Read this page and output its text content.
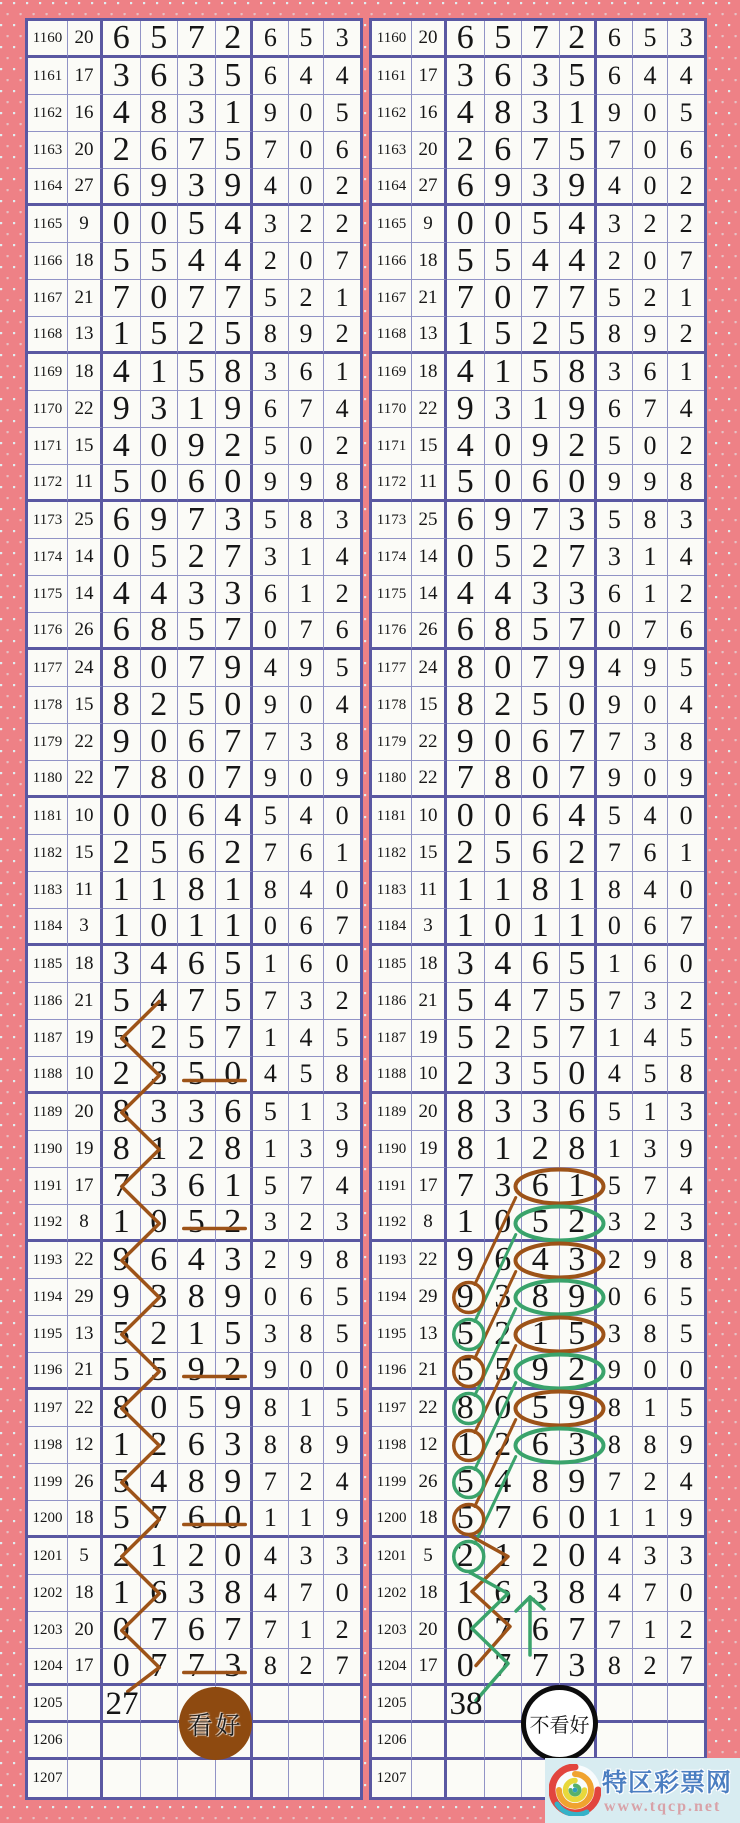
1160 20 6 5 7 2 6 5 3
1161 17 3 6 3 5 6 4 4
1162 16 4 8 3 1 9 0 5
1163 20 2 6 7 5 7 0 6
1164 27 6 9 3 9 4 0 2
1165 9 0 0 5 4 3 2 2
1166 18 5 5 4 4 2 0 7
1167 21 7 0 7 7 5 2 1
1168 13 1 5 2 5 8 9 2
1169 18 4 1 5 8 3 6 1
1170 22 9 3 1 9 6 7 4
1171 15 4 0 9 2 5 0 2
1172 11 5 0 6 0 9 9 8
1173 25 6 9 7 3 5 8 3
1174 14 0 5 2 7 3 1 4
1175 14 4 4 3 3 6 1 2
1176 26 6 8 5 7 0 7 6
1177 24 8 0 7 9 4 9 5
1178 15 8 2 5 0 9 0 4
1179 22 9 0 6 7 7 3 8
1180 22 7 8 0 7 9 0 9
1181 10 0 0 6 4 5 4 0
1182 15 2 5 6 2 7 6 1
1183 11 1 1 8 1 8 4 0
1184 3 1 0 1 1 0 6 7
1185 18 3 4 6 5 1 6 0
1186 21 5 4 7 5 7 3 2
1187 19 5 2 5 7 1 4 5
1188 10 2 3 5 0 4 5 8
1189 20 8 3 3 6 5 1 3
1190 19 8 1 2 8 1 3 9
1191 17 7 3 6 1 5 7 4
1192 8 1 0 5 2 3 2 3
1193 22 9 6 4 3 2 9 8
1194 29 9 3 8 9 0 6 5
1195 13 5 2 1 5 3 8 5
1196 21 5 5 9 2 9 0 0
1197 22 8 0 5 9 8 1 5
1198 12 1 2 6 3 8 8 9
1199 26 5 4 8 9 7 2 4
1200 18 5 7 6 0 1 1 9
1201 5 2 1 2 0 4 3 3
1202 18 1 6 3 8 4 7 0
1203 20 0 7 6 7 7 1 2
1204 17 0 7 7 3 8 2 7
1205
1206
1207
1160 20 6 5 7 2 6 5 3
1161 17 3 6 3 5 6 4 4
1162 16 4 8 3 1 9 0 5
1163 20 2 6 7 5 7 0 6
1164 27 6 9 3 9 4 0 2
1165 9 0 0 5 4 3 2 2
1166 18 5 5 4 4 2 0 7
1167 21 7 0 7 7 5 2 1
1168 13 1 5 2 5 8 9 2
1169 18 4 1 5 8 3 6 1
1170 22 9 3 1 9 6 7 4
1171 15 4 0 9 2 5 0 2
1172 11 5 0 6 0 9 9 8
1173 25 6 9 7 3 5 8 3
1174 14 0 5 2 7 3 1 4
1175 14 4 4 3 3 6 1 2
1176 26 6 8 5 7 0 7 6
1177 24 8 0 7 9 4 9 5
1178 15 8 2 5 0 9 0 4
1179 22 9 0 6 7 7 3 8
1180 22 7 8 0 7 9 0 9
1181 10 0 0 6 4 5 4 0
1182 15 2 5 6 2 7 6 1
1183 11 1 1 8 1 8 4 0
1184 3 1 0 1 1 0 6 7
1185 18 3 4 6 5 1 6 0
1186 21 5 4 7 5 7 3 2
1187 19 5 2 5 7 1 4 5
1188 10 2 3 5 0 4 5 8
1189 20 8 3 3 6 5 1 3
1190 19 8 1 2 8 1 3 9
1191 17 7 3 6 1 5 7 4
1192 8 1 0 5 2 3 2 3
1193 22 9 6 4 3 2 9 8
1194 29 9 3 8 9 0 6 5
1195 13 5 2 1 5 3 8 5
1196 21 5 5 9 2 9 0 0
1197 22 8 0 5 9 8 1 5
1198 12 1 2 6 3 8 8 9
1199 26 5 4 8 9 7 2 4
1200 18 5 7 6 0 1 1 9
1201 5 2 1 2 0 4 3 3
1202 18 1 6 3 8 4 7 0
1203 20 0 7 6 7 7 1 2
1204 17 0 7 7 3 8 2 7
1205
1206
1207
27	38
看好	不看好
特区彩票网
www.tqcp.net
